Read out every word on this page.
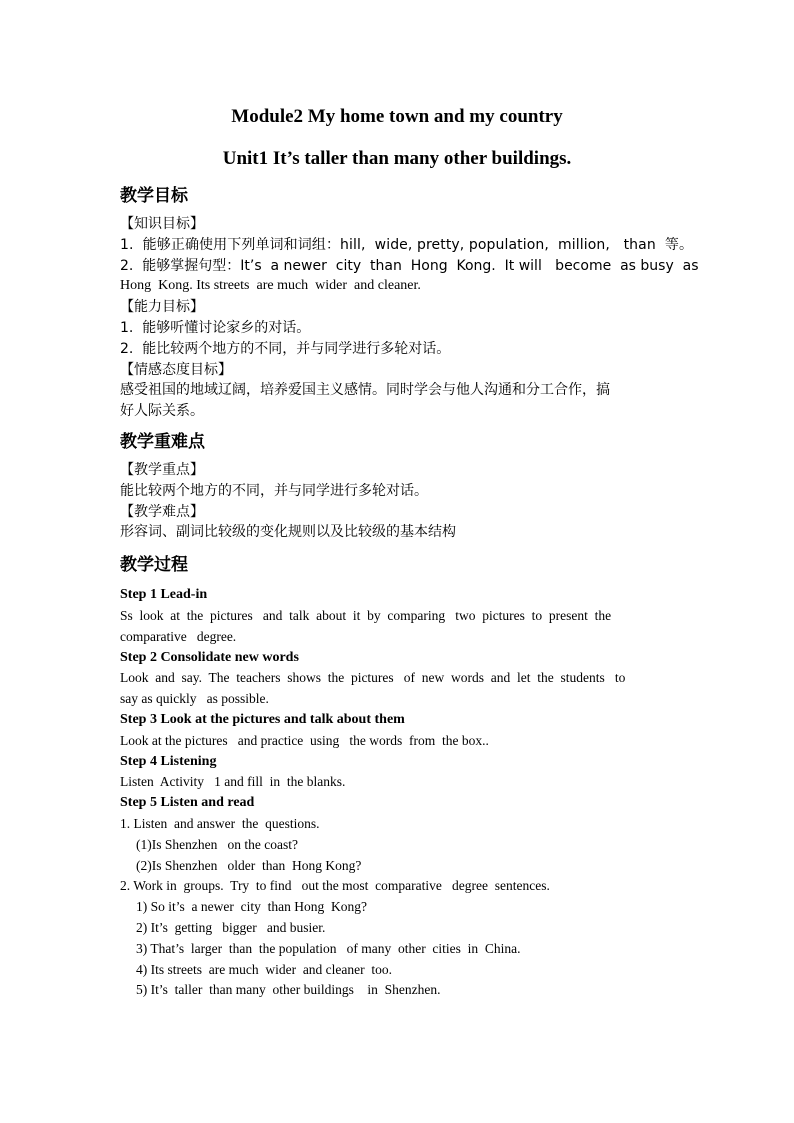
Module2 My home town and my country
Unit1 It’s taller than many other buildings.
教学目标
【知识目标】
1.  能够正确使用下列单词和词组：hill,  wide, pretty, population,  million,   than  等。
2.  能够掌握句型：It’s  a newer  city  than  Hong  Kong.  It will   become  as busy  as
Hong  Kong. Its streets  are much  wider  and cleaner.
【能力目标】
1.  能够听懂讨论家乡的对话。
2.  能比较两个地方的不同，并与同学进行多轮对话。
【情感态度目标】
感受祖国的地域辽阔，培养爱国主义感情。同时学会与他人沟通和分工合作，搞
好人际关系。
教学重难点
【教学重点】
能比较两个地方的不同，并与同学进行多轮对话。
【教学难点】
形容词、副词比较级的变化规则以及比较级的基本结构
教学过程
Step 1 Lead-in
Ss  look  at  the  pictures   and  talk  about  it  by  comparing   two  pictures  to  present  the
comparative   degree.
Step 2 Consolidate new words
Look  and  say.  The  teachers  shows  the  pictures   of  new  words  and  let  the  students   to
say as quickly   as possible.
Step 3 Look at the pictures and talk about them
Look at the pictures   and practice  using   the words  from  the box..
Step 4 Listening
Listen  Activity   1 and fill  in  the blanks.
Step 5 Listen and read
1. Listen  and answer  the  questions.
(1)Is Shenzhen   on the coast?
(2)Is Shenzhen   older  than  Hong Kong?
2. Work in  groups.  Try  to find   out the most  comparative   degree  sentences.
1) So it’s  a newer  city  than Hong  Kong?
2) It’s  getting   bigger   and busier.
3) That’s  larger  than  the population   of many  other  cities  in  China.
4) Its streets  are much  wider  and cleaner  too.
5) It’s  taller  than many  other buildings    in  Shenzhen.
